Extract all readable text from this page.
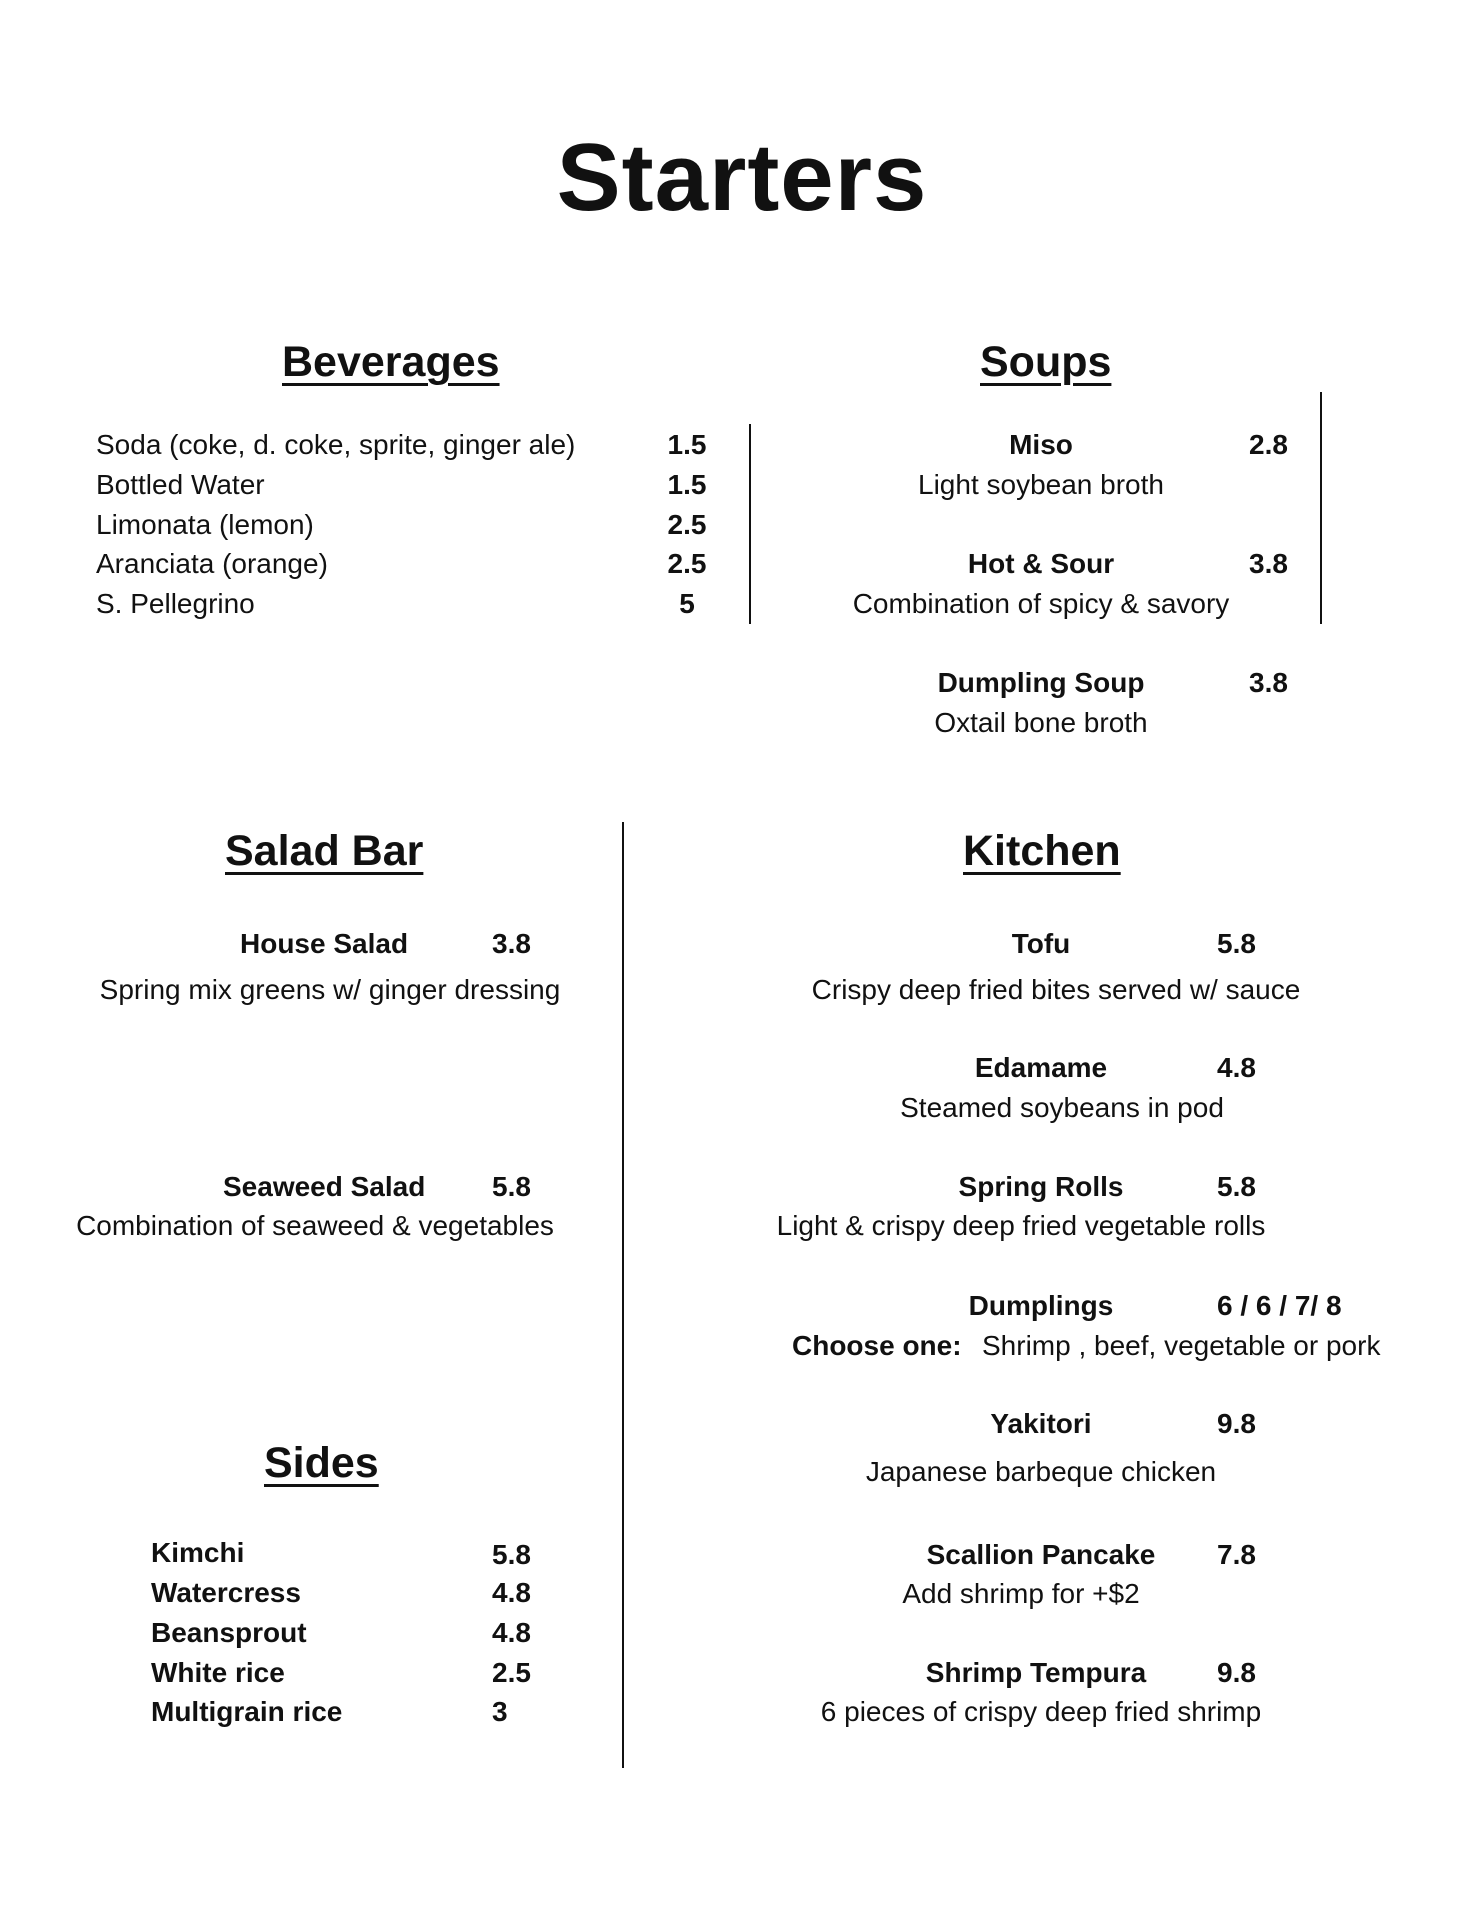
Starters
Beverages
Soda (coke, d. coke, sprite, ginger ale)	1.5
Bottled Water	1.5
Limonata (lemon)	2.5
Aranciata (orange)	2.5
S. Pellegrino	5
Soups
Miso	2.8
Light soybean broth
Hot & Sour	3.8
Combination of spicy & savory
Dumpling Soup	3.8
Oxtail bone broth
Salad Bar
House Salad	3.8
Spring mix greens w/ ginger dressing
Seaweed Salad 5.8
Combination of seaweed & vegetables
Sides
Kimchi	5.8
Watercress	4.8
Beansprout	4.8
White rice	2.5
Multigrain rice	3
Kitchen
Tofu	5.8
Crispy deep fried bites served w/ sauce
Edamame	4.8
Steamed soybeans in pod
Spring Rolls	5.8
Light & crispy deep fried vegetable rolls
Dumplings	6 / 6 / 7/ 8
Choose one: Shrimp , beef, vegetable or pork
Yakitori	9.8
Japanese barbeque chicken
Scallion Pancake	7.8
Add shrimp for +$2
Shrimp Tempura	9.8
6 pieces of crispy deep fried shrimp
